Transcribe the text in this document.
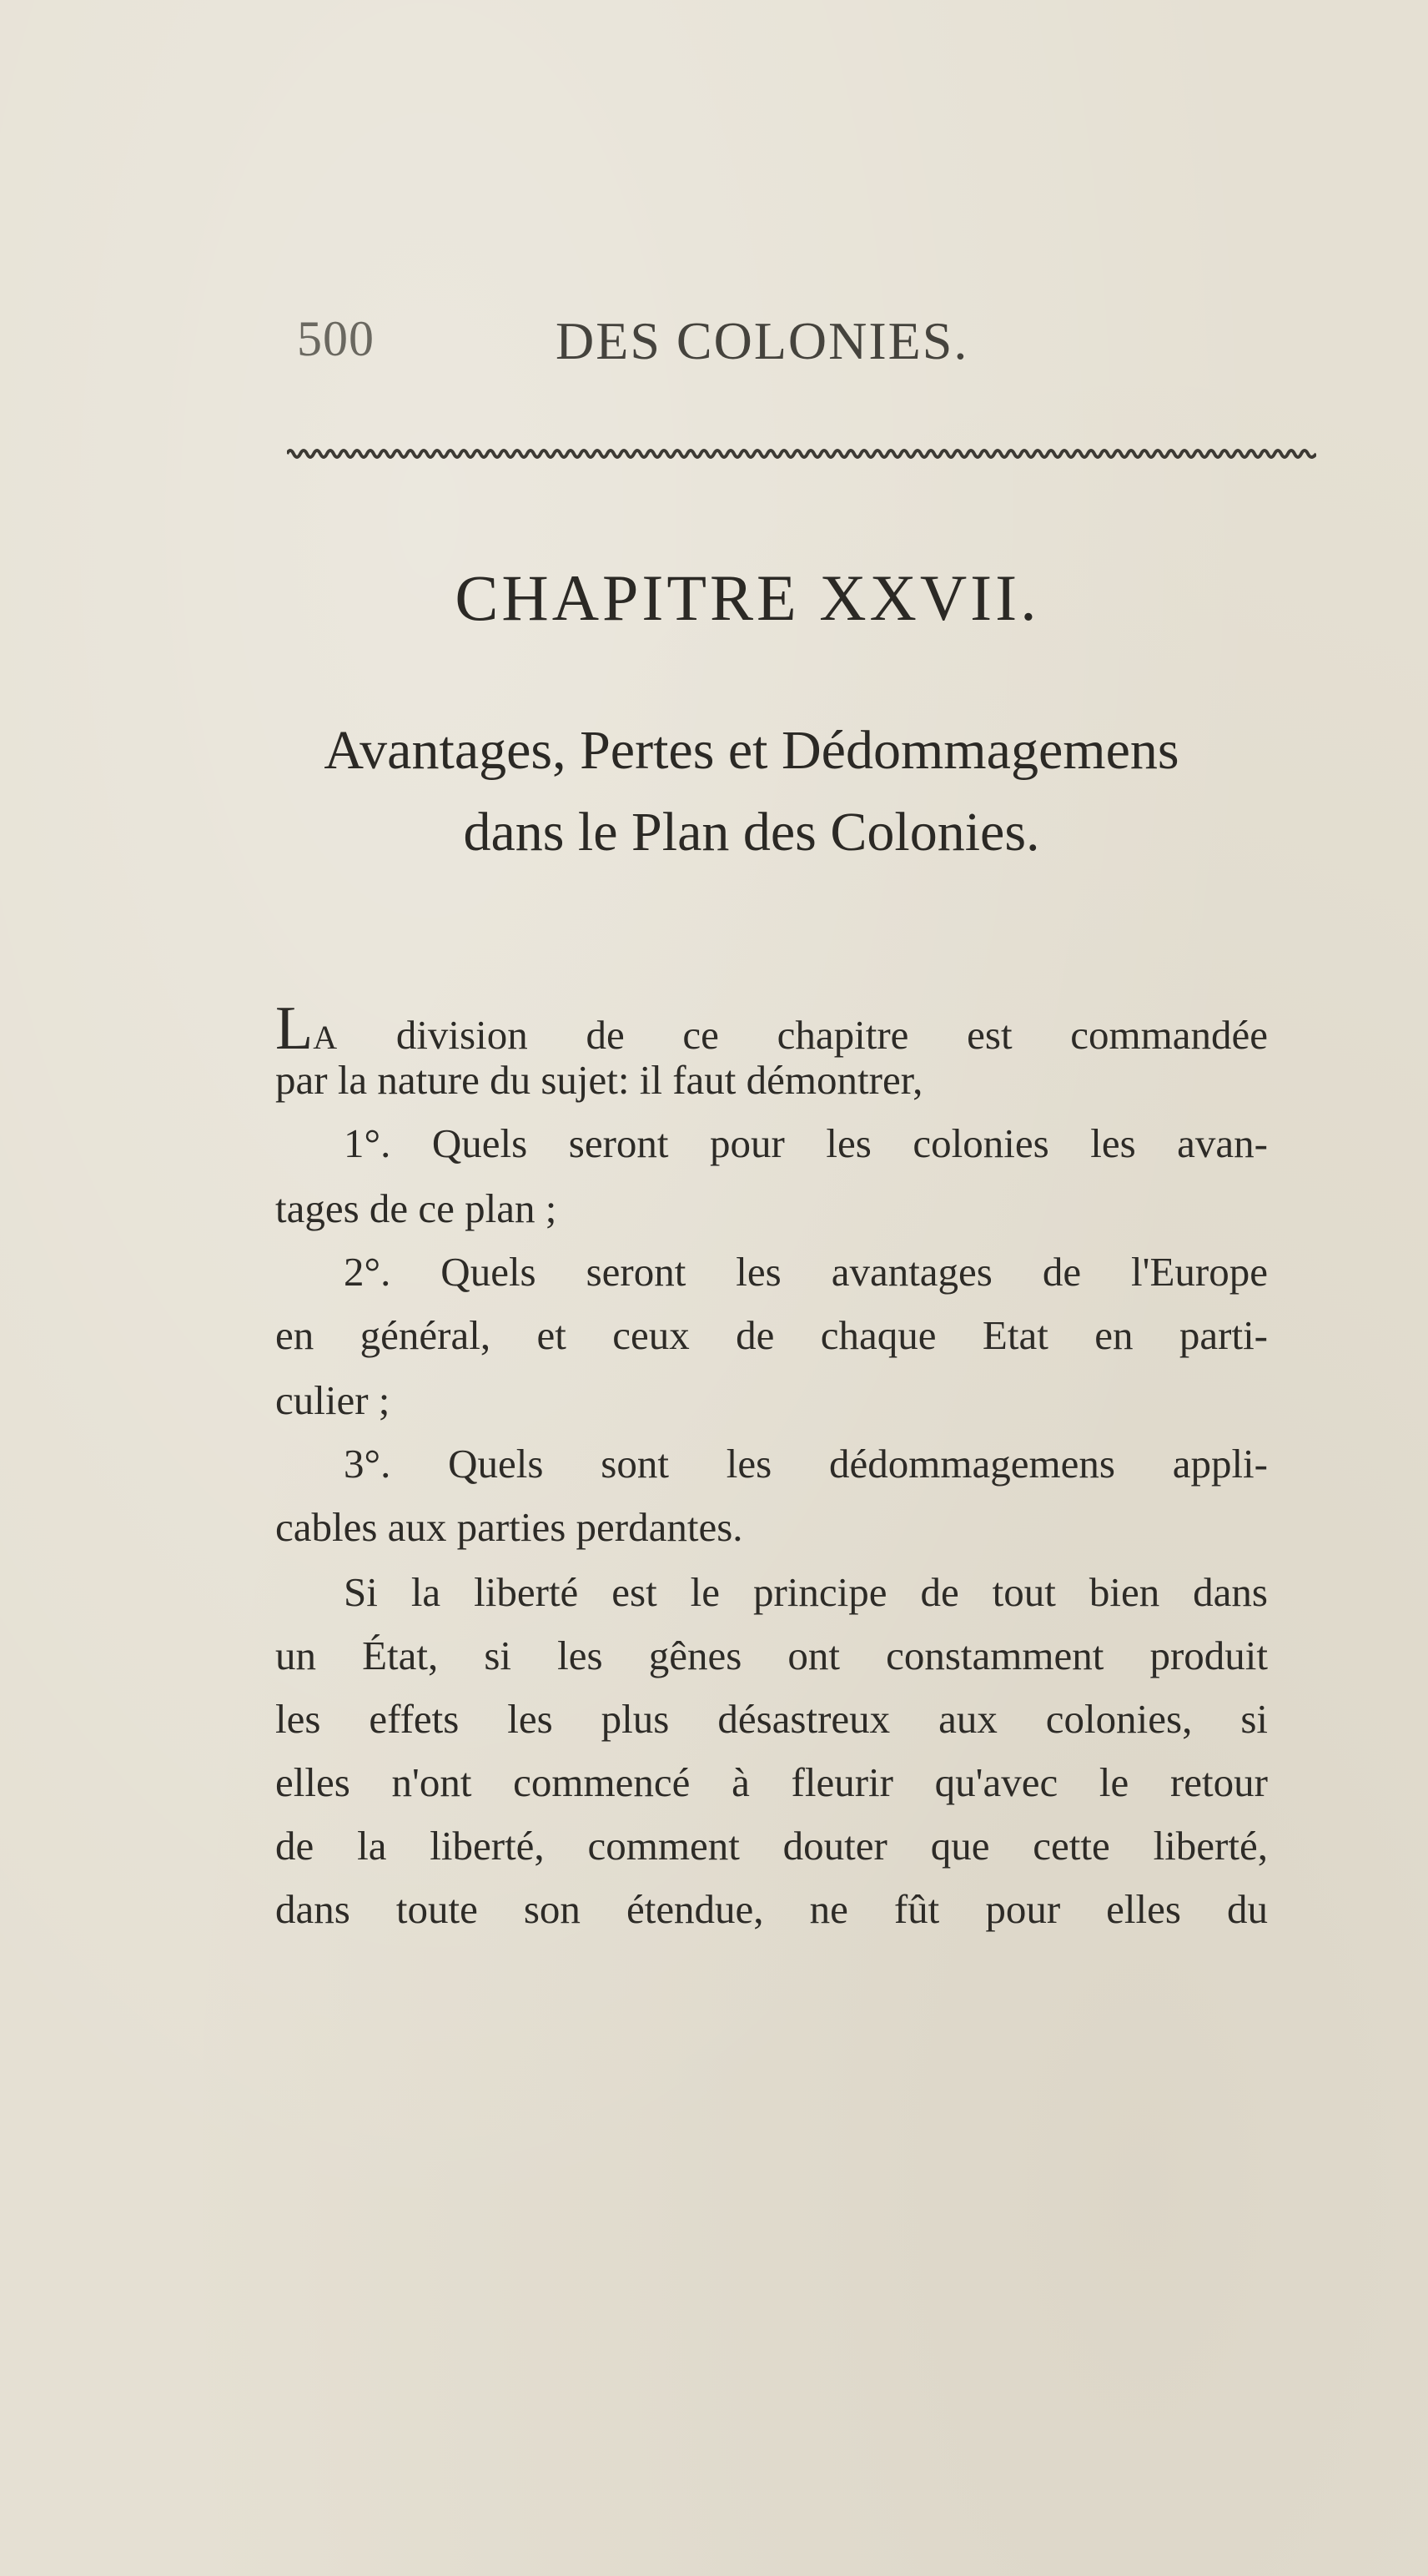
500	DES COLONIES.
CHAPITRE XXVII.
Avantages, Pertes et Dédommagemens
dans le Plan des Colonies.
LA division de ce chapitre est commandée
par la nature du sujet: il faut démontrer,
1°. Quels seront pour les colonies les avan-
tages de ce plan ;
2°. Quels seront les avantages de l'Europe
en général, et ceux de chaque Etat en parti-
culier ;
3°. Quels sont les dédommagemens appli-
cables aux parties perdantes.
Si la liberté est le principe de tout bien dans
un État, si les gênes ont constamment produit
les effets les plus désastreux aux colonies, si
elles n'ont commencé à fleurir qu'avec le retour
de la liberté, comment douter que cette liberté,
dans toute son étendue, ne fût pour elles du
